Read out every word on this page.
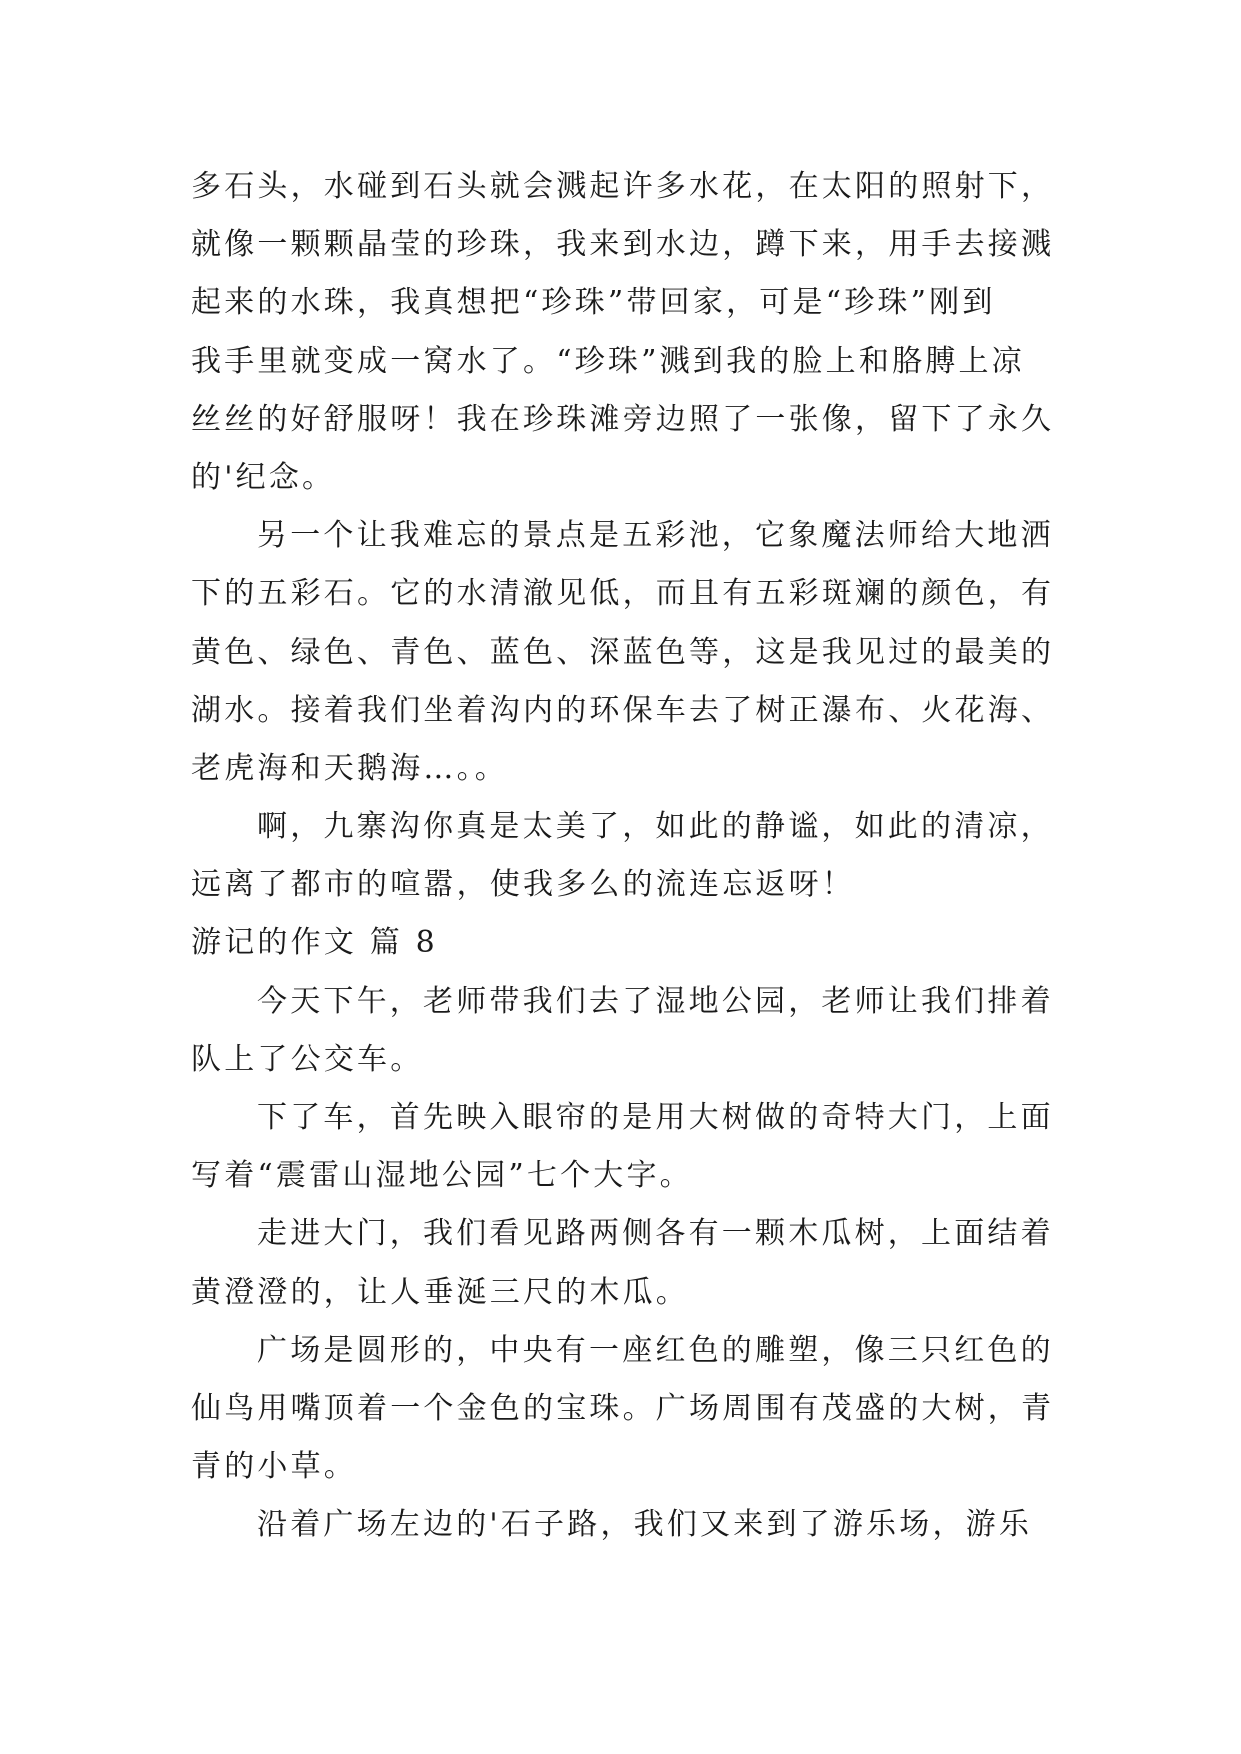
多石头，水碰到石头就会溅起许多水花，在太阳的照射下，
就像一颗颗晶莹的珍珠，我来到水边，蹲下来，用手去接溅
起来的水珠，我真想把“珍珠”带回家，可是“珍珠”刚到
我手里就变成一窝水了。“珍珠”溅到我的脸上和胳膊上凉
丝丝的好舒服呀！我在珍珠滩旁边照了一张像，留下了永久
的'纪念。
另一个让我难忘的景点是五彩池，它象魔法师给大地洒
下的五彩石。它的水清澈见低，而且有五彩斑斓的颜色，有
黄色、绿色、青色、蓝色、深蓝色等，这是我见过的最美的
湖水。接着我们坐着沟内的环保车去了树正瀑布、火花海、
老虎海和天鹅海…。。
啊，九寨沟你真是太美了，如此的静谧，如此的清凉，
远离了都市的喧嚣，使我多么的流连忘返呀！
游记的作文 篇 8
今天下午，老师带我们去了湿地公园，老师让我们排着
队上了公交车。
下了车，首先映入眼帘的是用大树做的奇特大门，上面
写着“震雷山湿地公园”七个大字。
走进大门，我们看见路两侧各有一颗木瓜树，上面结着
黄澄澄的，让人垂涎三尺的木瓜。
广场是圆形的，中央有一座红色的雕塑，像三只红色的
仙鸟用嘴顶着一个金色的宝珠。广场周围有茂盛的大树，青
青的小草。
沿着广场左边的'石子路，我们又来到了游乐场，游乐
